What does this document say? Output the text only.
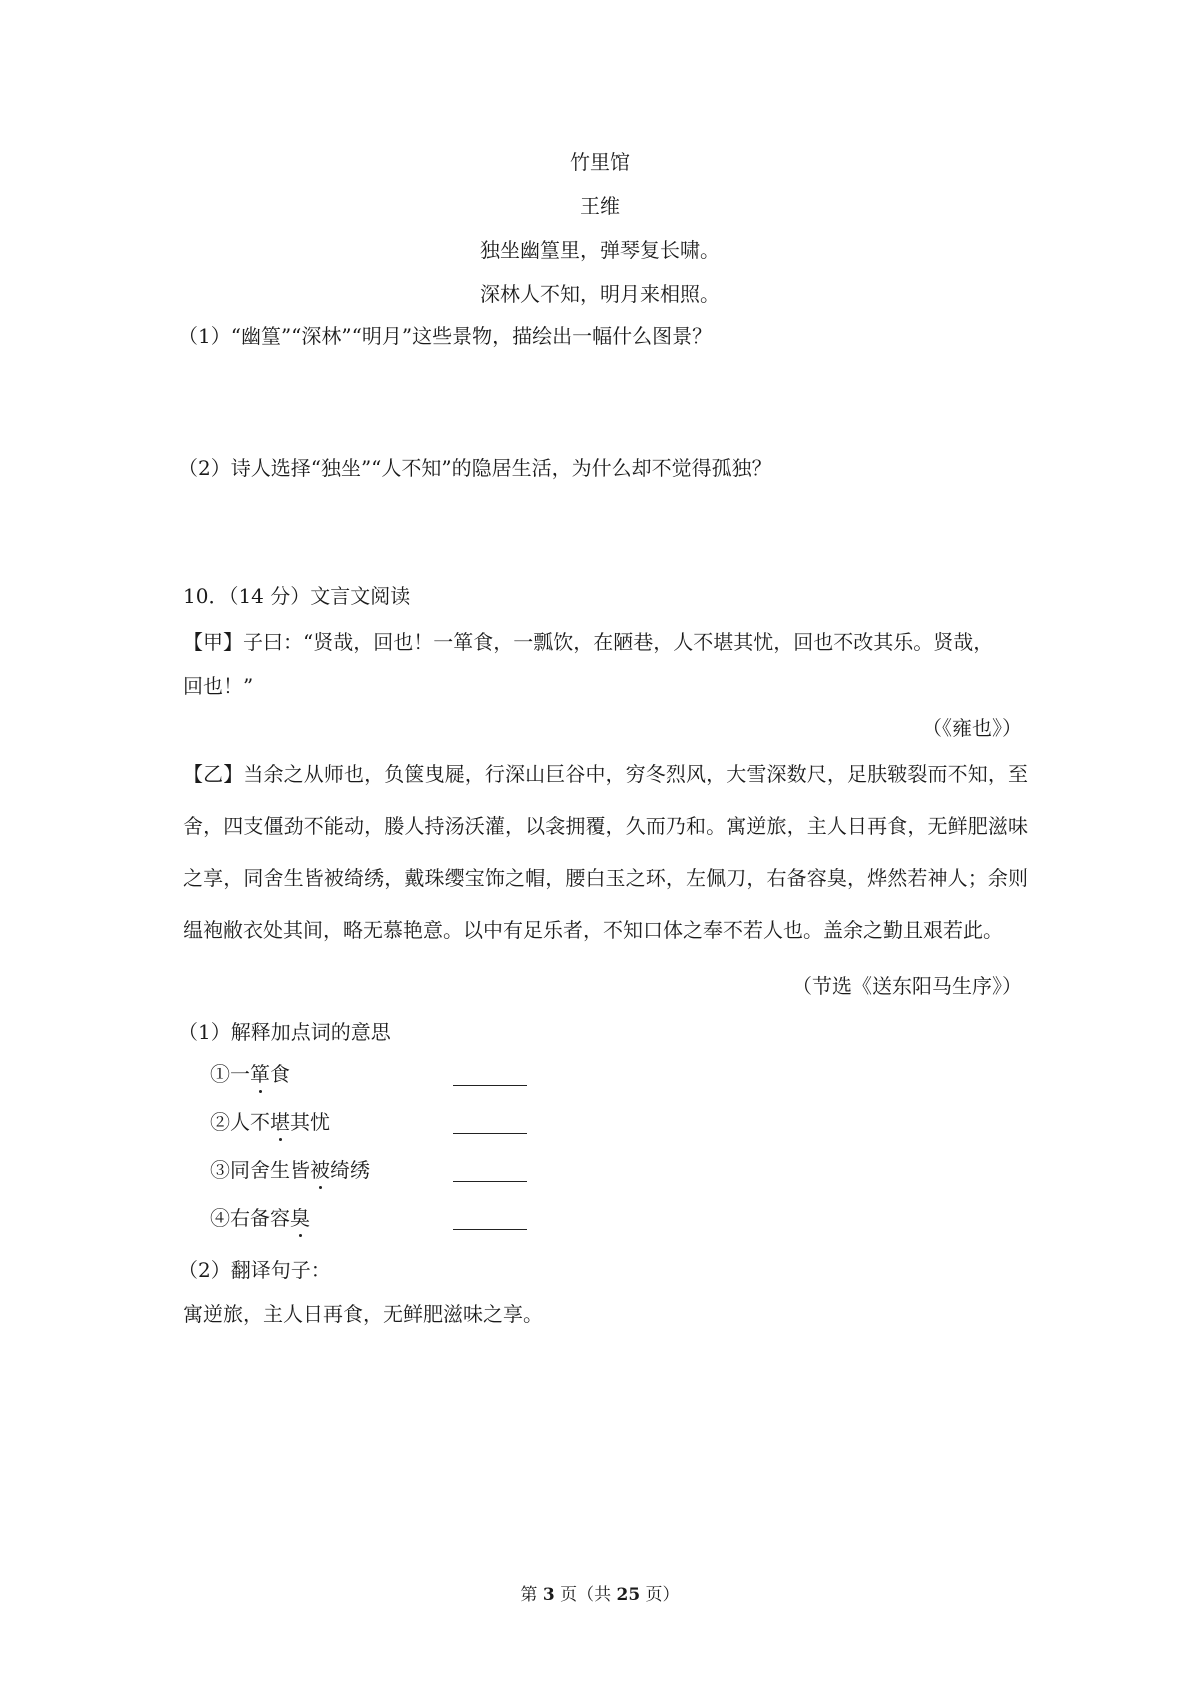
竹里馆
王维
独坐幽篁里，弹琴复长啸。
深林人不知，明月来相照。
（1）“幽篁”“深林”“明月”这些景物，描绘出一幅什么图景？
（2）诗人选择“独坐”“人不知”的隐居生活，为什么却不觉得孤独？
10．（14 分）文言文阅读
【甲】子曰：“贤哉，回也！一箪食，一瓢饮，在陋巷，人不堪其忧，回也不改其乐。贤哉，
回也！”
（《雍也》）
【乙】当余之从师也，负箧曳屣，行深山巨谷中，穷冬烈风，大雪深数尺，足肤皲裂而不知，至舍，四支僵劲不能动，媵人持汤沃灌，以衾拥覆，久而乃和。寓逆旅，主人日再食，无鲜肥滋味之享，同舍生皆被绮绣，戴珠缨宝饰之帽，腰白玉之环，左佩刀，右备容臭，烨然若神人；余则缊袍敝衣处其间，略无慕艳意。以中有足乐者，不知口体之奉不若人也。盖余之勤且艰若此。
（节选《送东阳马生序》）
（1）解释加点词的意思
①一箪食
②人不堪其忧
③同舍生皆被绮绣
④右备容臭
（2）翻译句子：
寓逆旅，主人日再食，无鲜肥滋味之享。
第 3 页（共 25 页）
